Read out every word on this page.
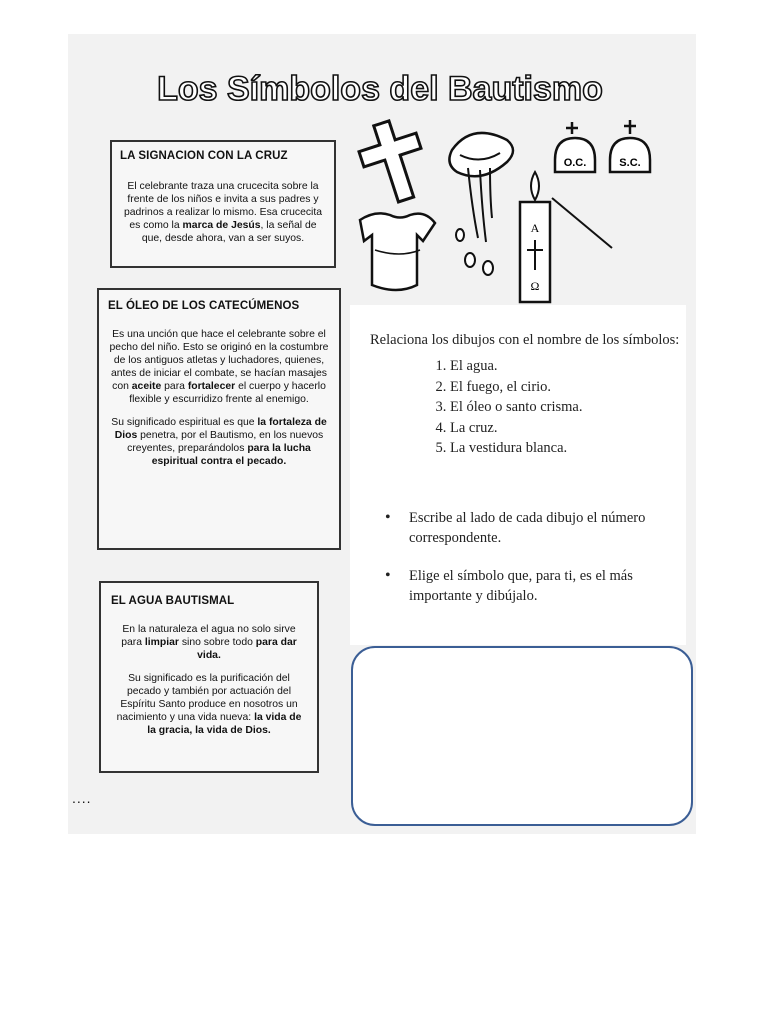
Los Símbolos del Bautismo
O.C.	S.C.
A
Ω
LA SIGNACION CON LA CRUZ

El celebrante traza una crucecita sobre la frente de los niños e invita a sus padres y padrinos a realizar lo mismo. Esa crucecita es como la marca de Jesús, la señal de que, desde ahora, van a ser suyos.

EL ÓLEO DE LOS CATECÚMENOS

Es una unción que hace el celebrante sobre el pecho del niño. Esto se originó en la costumbre de los antiguos atletas y luchadores, quienes, antes de iniciar el combate, se hacían masajes con aceite para fortalecer el cuerpo y hacerlo flexible y escurridizo frente al enemigo.

Su significado espiritual es que la fortaleza de Dios penetra, por el Bautismo, en los nuevos creyentes, preparándolos para la lucha espiritual contra el pecado.

EL AGUA BAUTISMAL

En la naturaleza el agua no solo sirve para limpiar sino sobre todo para dar vida.

Su significado es la purificación del pecado y también por actuación del Espíritu Santo produce en nosotros un nacimiento y una vida nueva: la vida de la gracia, la vida de Dios.

Relaciona los dibujos con el nombre de los símbolos:
1. El agua.
2. El fuego, el cirio.
3. El óleo o santo crisma.
4. La cruz.
5. La vestidura blanca.
•	Escribe al lado de cada dibujo el número correspondente.
•	Elige el símbolo que, para ti, es el más importante y dibújalo.
....
